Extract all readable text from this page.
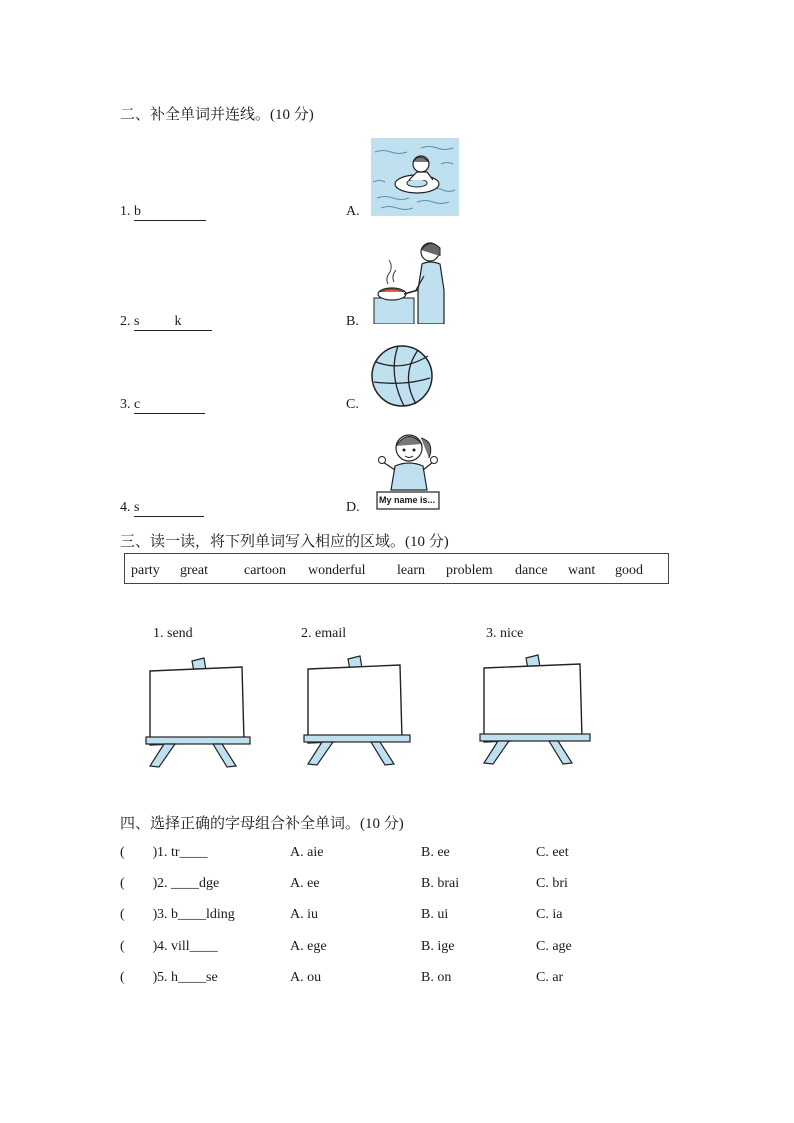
二、补全单词并连线。(10 分)
1. b
2. s          k
3. c
4. s
A.
B.
C.
D. My name is...
三、读一读，将下列单词写入相应的区域。(10 分)
party great	cartoon wonderful learn problem dance want good
1. send	2. email	3. nice
四、选择正确的字母组合补全单词。(10 分)
(        ) 1. tr____	A. aie	B. ee	C. eet
(        ) 2. ____dge	A. ee	B. brai	C. bri
(        ) 3. b____lding	A. iu	B. ui	C. ia
(        ) 4. vill____	A. ege	B. ige	C. age
(        ) 5. h____se	A. ou	B. on	C. ar
